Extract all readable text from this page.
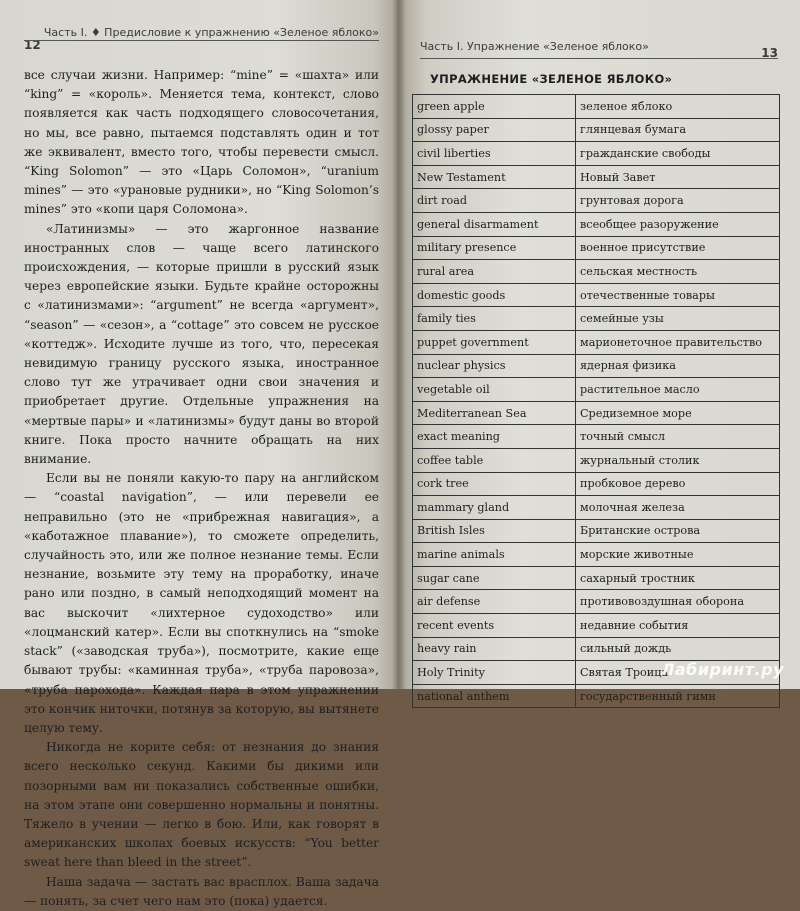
12
Часть I. ♦ Предисловие к упражнению «Зеленое яблоко»

все случаи жизни. Например: “mine” = «шахта» или “king” = «король». Меняется тема, контекст, слово появляется как часть подходящего словосочетания, но мы, все равно, пытаемся подставлять один и тот же эквивалент, вместо того, чтобы перевести смысл. “King Solomon” — это «Царь Соломон», “uranium mines” — это «урановые рудники», но “King Solomon’s mines” это «копи царя Соломона».

«Латинизмы» — это жаргонное название иностранных слов — чаще всего латинского происхождения, — которые пришли в русский язык через европейские языки. Будьте крайне осторожны с «латинизмами»: “argument” не всегда «аргумент», “season” — «сезон», а “cottage” это совсем не русское «коттедж». Исходите лучше из того, что, пересекая невидимую границу русского языка, иностранное слово тут же утрачивает одни свои значения и приобретает другие. Отдельные упражнения на «мертвые пары» и «латинизмы» будут даны во второй книге. Пока просто начните обращать на них внимание.

Если вы не поняли какую-то пару на английском — “coastal navigation”, — или перевели ее неправильно (это не «прибрежная навигация», а «каботажное плавание»), то сможете определить, случайность это, или же полное незнание темы. Если незнание, возьмите эту тему на проработку, иначе рано или поздно, в самый неподходящий момент на вас выскочит «лихтерное судоходство» или «лоцманский катер». Если вы споткнулись на “smoke stack” («заводская труба»), посмотрите, какие еще бывают трубы: «каминная труба», «труба паровоза», «труба парохода». Каждая пара в этом упражнении это кончик ниточки, потянув за которую, вы вытянете целую тему.

Никогда не корите себя: от незнания до знания всего несколько секунд. Какими бы дикими или позорными вам ни показались собственные ошибки, на этом этапе они совершенно нормальны и понятны. Тяжело в учении — легко в бою. Или, как говорят в американских школах боевых искусств: “You better sweat here than bleed in the street”.

Наша задача — застать вас врасплох. Ваша задача — понять, за счет чего нам это (пока) удается.

Часть I. Упражнение «Зеленое яблоко»	13
УПРАЖНЕНИЕ «ЗЕЛЕНОЕ ЯБЛОКО»
green apple	зеленое яблоко
glossy paper	глянцевая бумага
civil liberties	гражданские свободы
New Testament	Новый Завет
dirt road	грунтовая дорога
general disarmament	всеобщее разоружение
military presence	военное присутствие
rural area	сельская местность
domestic goods	отечественные товары
family ties	семейные узы
puppet government	марионеточное правительство
nuclear physics	ядерная физика
vegetable oil	растительное масло
Mediterranean Sea	Средиземное море
exact meaning	точный смысл
coffee table	журнальный столик
cork tree	пробковое дерево
mammary gland	молочная железа
British Isles	Британские острова
marine animals	морские животные
sugar cane	сахарный тростник
air defense	противовоздушная оборона
recent events	недавние события
heavy rain	сильный дождь
Holy Trinity	Святая Троица
national anthem	государственный гимн
Лабиринт.ру
